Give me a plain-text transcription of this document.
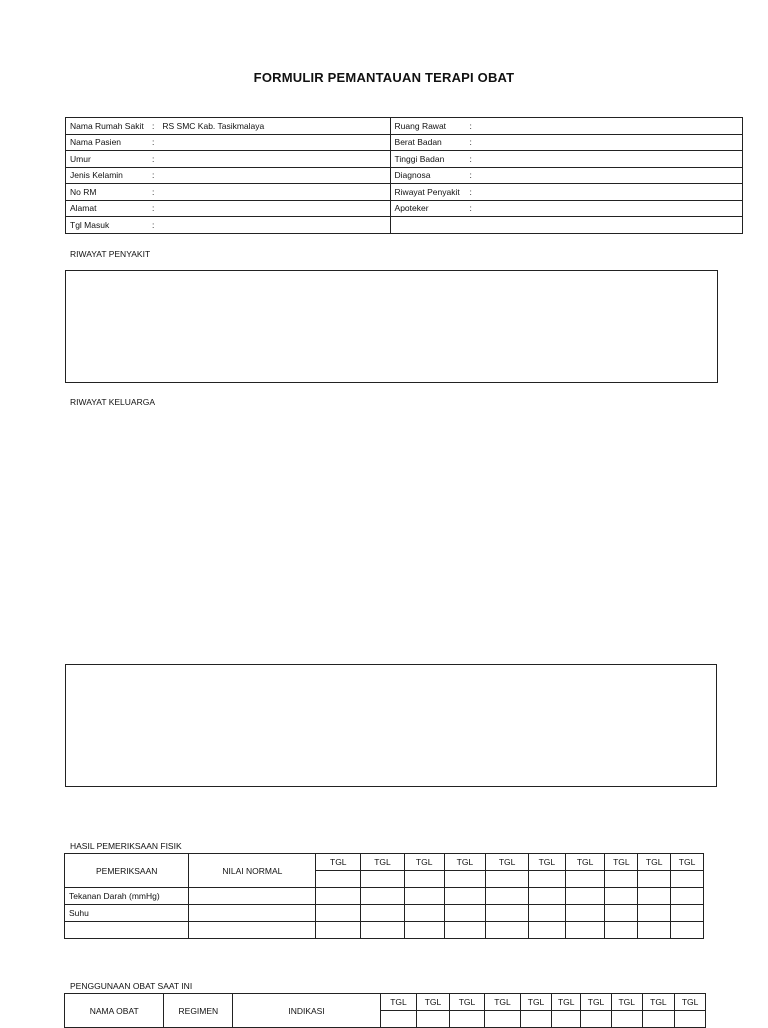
FORMULIR PEMANTAUAN TERAPI OBAT
Nama Rumah Sakit : RS SMC Kab. Tasikmalaya	Ruang Rawat :
Nama Pasien :	Berat Badan :
Umur :	Tinggi Badan :
Jenis Kelamin :	Diagnosa :
No RM :	Riwayat Penyakit :
Alamat :	Apoteker :
Tgl Masuk :	
RIWAYAT PENYAKIT
RIWAYAT KELUARGA
HASIL PEMERIKSAAN FISIK
PEMERIKSAAN	NILAI NORMAL	TGL	TGL	TGL	TGL	TGL	TGL	TGL	TGL	TGL	TGL

Tekanan Darah (mmHg)											
Suhu											

PENGGUNAAN OBAT SAAT INI
NAMA OBAT	REGIMEN	INDIKASI	TGL	TGL	TGL	TGL	TGL	TGL	TGL	TGL	TGL	TGL
